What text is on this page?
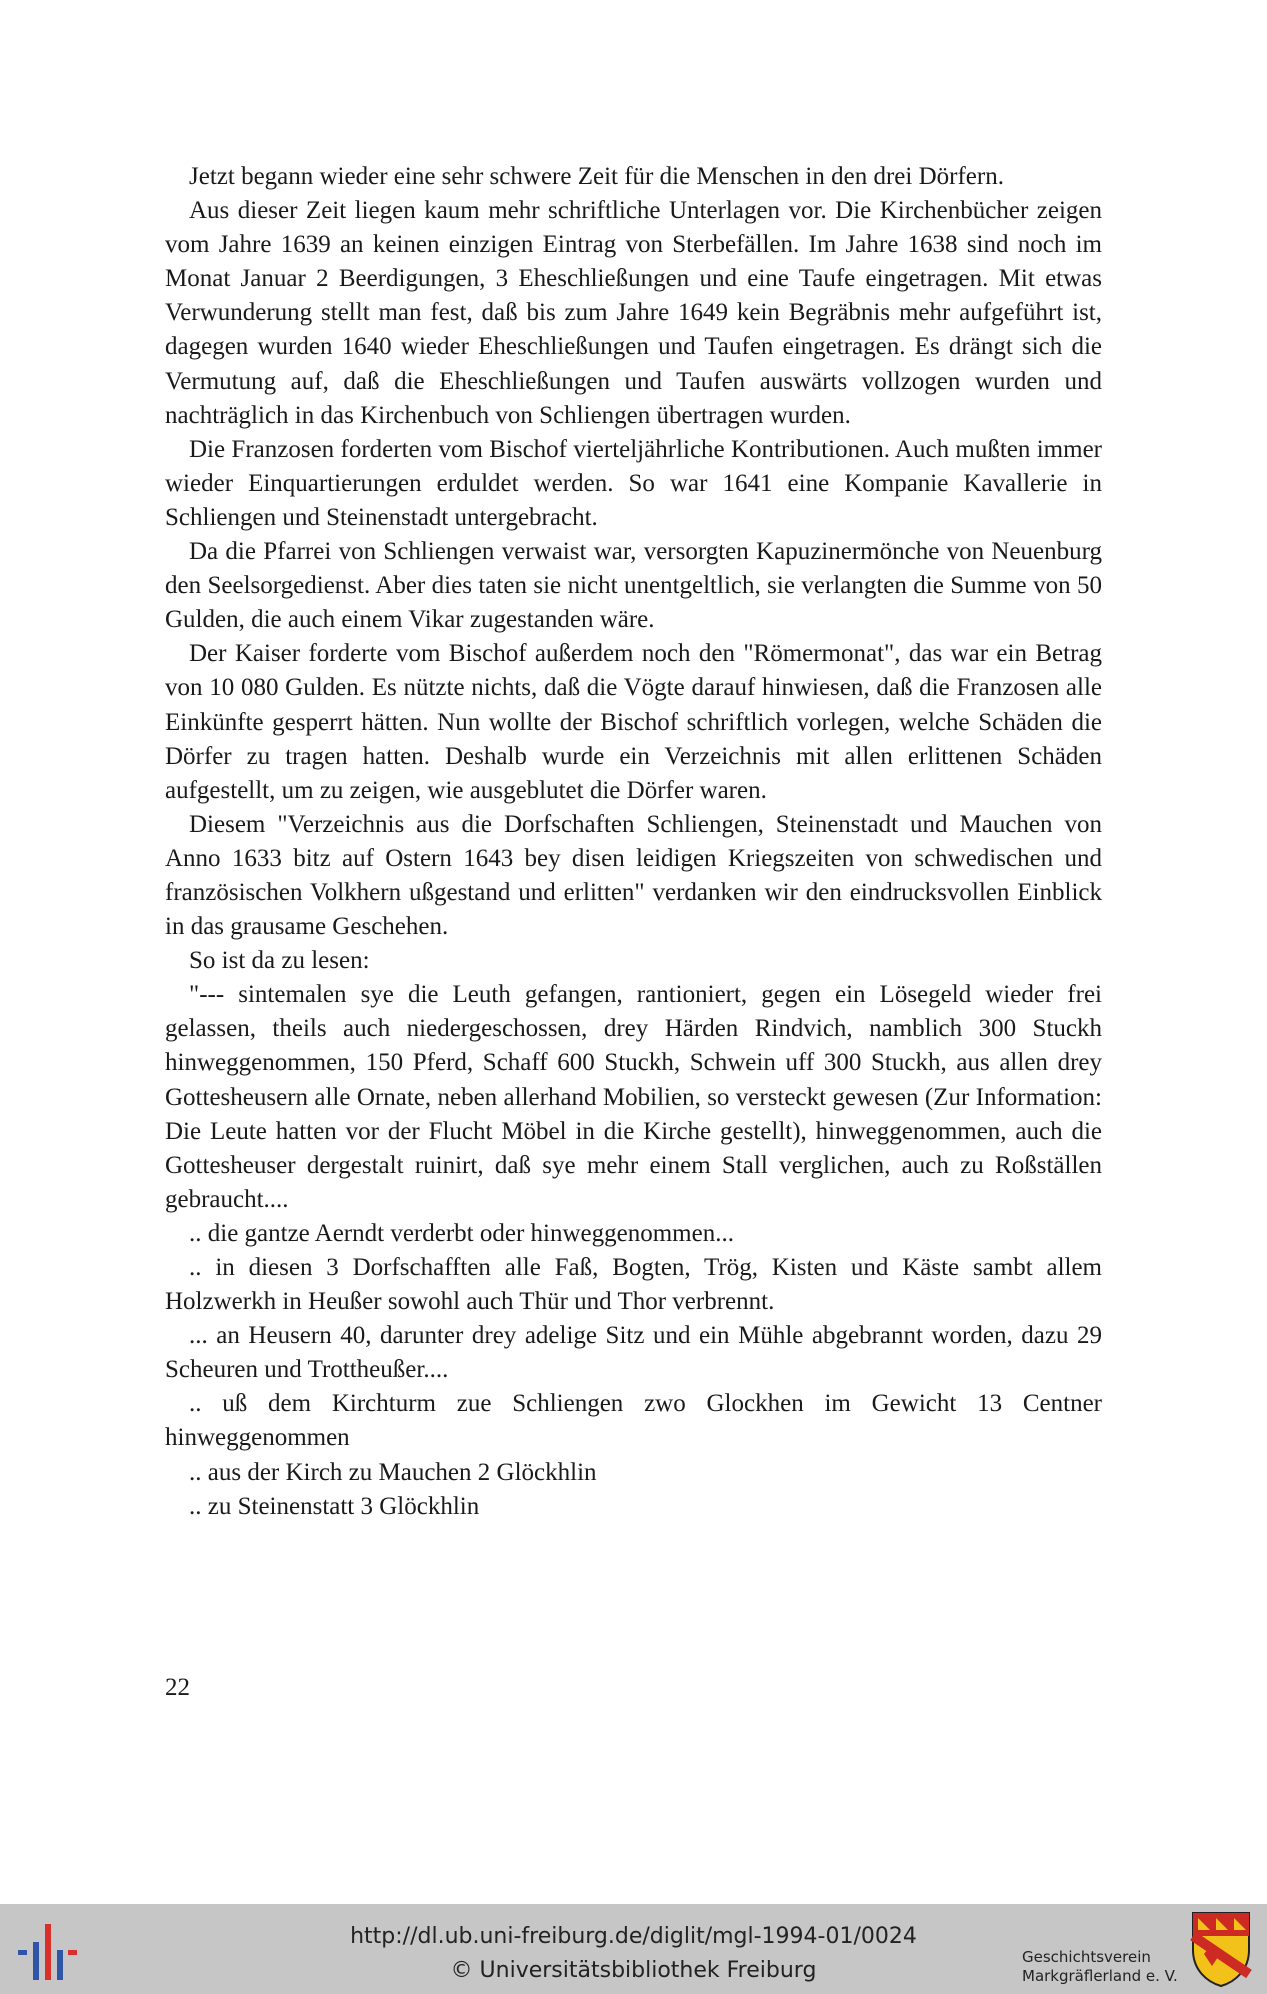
Jetzt begann wieder eine sehr schwere Zeit für die Menschen in den drei Dörfern.

Aus dieser Zeit liegen kaum mehr schriftliche Unterlagen vor. Die Kirchenbücher zeigen vom Jahre 1639 an keinen einzigen Eintrag von Sterbefällen. Im Jahre 1638 sind noch im Monat Januar 2 Beerdigungen, 3 Eheschließungen und eine Taufe eingetragen. Mit etwas Verwunderung stellt man fest, daß bis zum Jahre 1649 kein Begräbnis mehr aufgeführt ist, dagegen wurden 1640 wieder Eheschließungen und Taufen eingetragen. Es drängt sich die Vermutung auf, daß die Eheschließungen und Taufen auswärts vollzogen wurden und nachträglich in das Kirchenbuch von Schliengen übertragen wurden.

Die Franzosen forderten vom Bischof vierteljährliche Kontributionen. Auch mußten immer wieder Einquartierungen erduldet werden. So war 1641 eine Kompanie Kavallerie in Schliengen und Steinenstadt untergebracht.

Da die Pfarrei von Schliengen verwaist war, versorgten Kapuzinermönche von Neuenburg den Seelsorgedienst. Aber dies taten sie nicht unentgeltlich, sie verlangten die Summe von 50 Gulden, die auch einem Vikar zugestanden wäre.

Der Kaiser forderte vom Bischof außerdem noch den "Römermonat", das war ein Betrag von 10 080 Gulden. Es nützte nichts, daß die Vögte darauf hinwiesen, daß die Franzosen alle Einkünfte gesperrt hätten. Nun wollte der Bischof schriftlich vorlegen, welche Schäden die Dörfer zu tragen hatten. Deshalb wurde ein Verzeichnis mit allen erlittenen Schäden aufgestellt, um zu zeigen, wie ausgeblutet die Dörfer waren.

Diesem "Verzeichnis aus die Dorfschaften Schliengen, Steinenstadt und Mauchen von Anno 1633 bitz auf Ostern 1643 bey disen leidigen Kriegszeiten von schwedischen und französischen Volkhern ußgestand und erlitten" verdanken wir den eindrucksvollen Einblick in das grausame Geschehen.

So ist da zu lesen:

"--- sintemalen sye die Leuth gefangen, rantioniert, gegen ein Lösegeld wieder frei gelassen, theils auch niedergeschossen, drey Härden Rindvich, namblich 300 Stuckh hinweggenommen, 150 Pferd, Schaff 600 Stuckh, Schwein uff 300 Stuckh, aus allen drey Gottesheusern alle Ornate, neben allerhand Mobilien, so versteckt gewesen (Zur Information: Die Leute hatten vor der Flucht Möbel in die Kirche gestellt), hinweggenommen, auch die Gottesheuser dergestalt ruinirt, daß sye mehr einem Stall verglichen, auch zu Roßställen gebraucht....

.. die gantze Aerndt verderbt oder hinweggenommen...

.. in diesen 3 Dorfschafften alle Faß, Bogten, Trög, Kisten und Käste sambt allem Holzwerkh in Heußer sowohl auch Thür und Thor verbrennt.

... an Heusern 40, darunter drey adelige Sitz und ein Mühle abgebrannt worden, dazu 29 Scheuren und Trottheußer....

.. uß dem Kirchturm zue Schliengen zwo Glockhen im Gewicht 13 Centner hinweggenommen

.. aus der Kirch zu Mauchen 2 Glöckhlin

.. zu Steinenstatt 3 Glöckhlin

22
http://dl.ub.uni-freiburg.de/diglit/mgl-1994-01/0024
© Universitätsbibliothek Freiburg
Geschichtsverein
Markgräflerland e. V.
